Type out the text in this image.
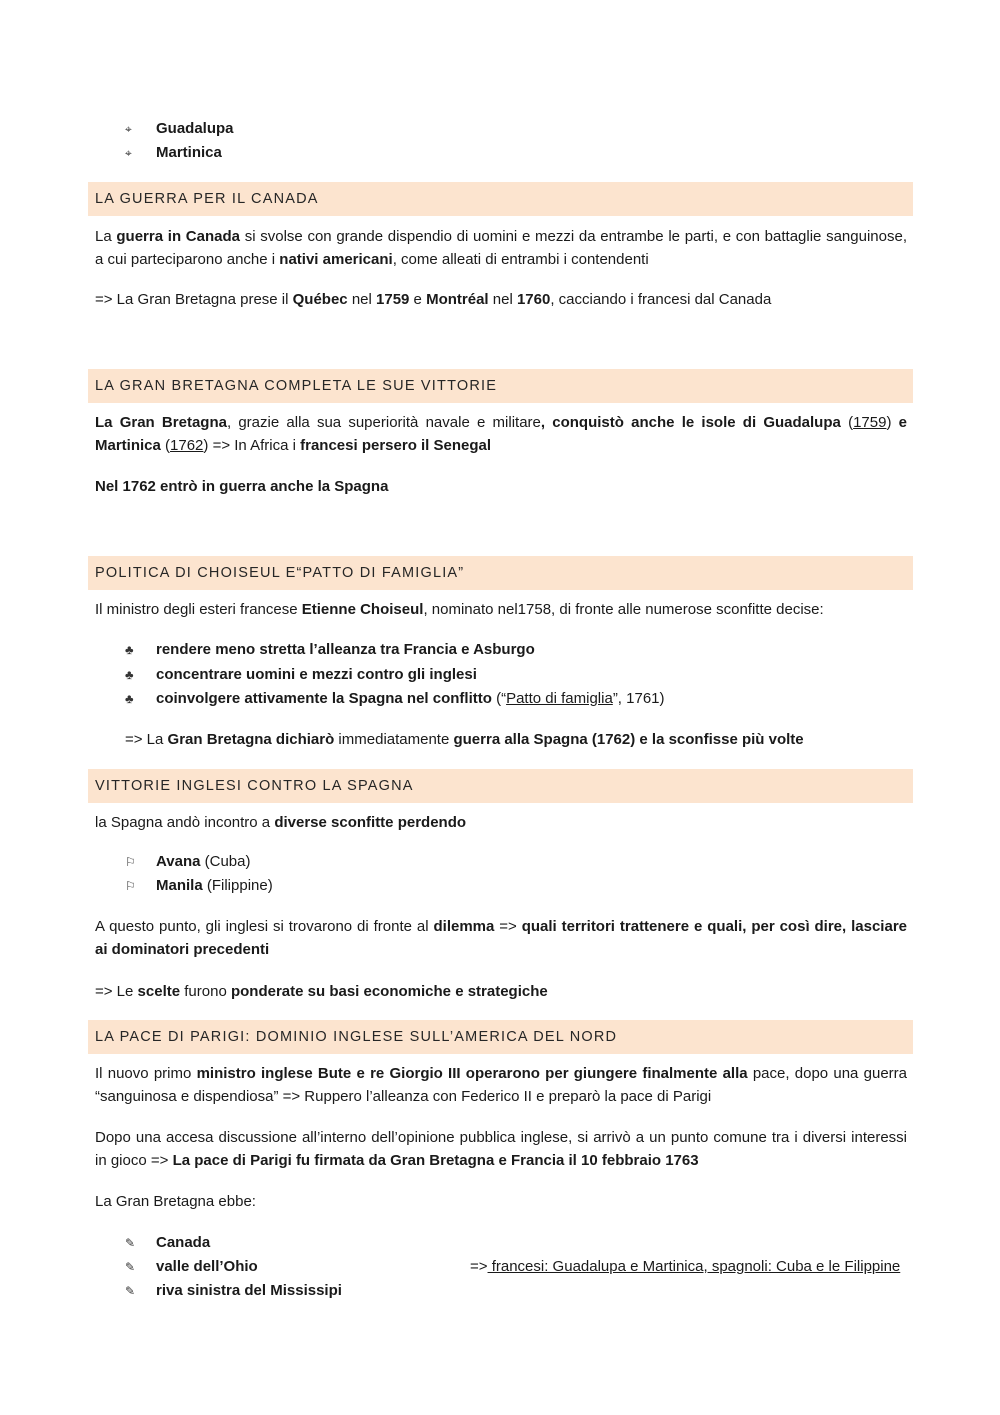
⌖ Guadalupa
⌖ Martinica
LA GUERRA PER IL CANADA
La guerra in Canada si svolse con grande dispendio di uomini e mezzi da entrambe le parti, e con battaglie sanguinose, a cui parteciparono anche i nativi americani, come alleati di entrambi i contendenti
=> La Gran Bretagna prese il Québec nel 1759 e Montréal nel 1760, cacciando i francesi dal Canada
LA GRAN BRETAGNA COMPLETA LE SUE VITTORIE
La Gran Bretagna, grazie alla sua superiorità navale e militare, conquistò anche le isole di Guadalupa (1759) e Martinica (1762) => In Africa i francesi persero il Senegal
Nel 1762 entrò in guerra anche la Spagna
POLITICA DI CHOISEUL E“PATTO DI FAMIGLIA”
Il ministro degli esteri francese Etienne Choiseul, nominato nel1758, di fronte alle numerose sconfitte decise:
♣ rendere meno stretta l’alleanza tra Francia e Asburgo
♣ concentrare uomini e mezzi contro gli inglesi
♣ coinvolgere attivamente la Spagna nel conflitto (“Patto di famiglia”, 1761)
=> La Gran Bretagna dichiarò immediatamente guerra alla Spagna (1762) e la sconfisse più volte
VITTORIE INGLESI CONTRO LA SPAGNA
la Spagna andò incontro a diverse sconfitte perdendo
⚐ Avana (Cuba)
⚐ Manila (Filippine)
A questo punto, gli inglesi si trovarono di fronte al dilemma => quali territori trattenere e quali, per così dire, lasciare ai dominatori precedenti
=> Le scelte furono ponderate su basi economiche e strategiche
LA PACE DI PARIGI: DOMINIO INGLESE SULL’AMERICA DEL NORD
Il nuovo primo ministro inglese Bute e re Giorgio III operarono per giungere finalmente alla pace, dopo una guerra “sanguinosa e dispendiosa” => Ruppero l’alleanza con Federico II e preparò la pace di Parigi
Dopo una accesa discussione all’interno dell’opinione pubblica inglese, si arrivò a un punto comune tra i diversi interessi in gioco => La pace di Parigi fu firmata da Gran Bretagna e Francia il 10 febbraio 1763
La Gran Bretagna ebbe:
✎ Canada
✎ valle dell’Ohio
✎ riva sinistra del Mississipi
=> francesi: Guadalupa e Martinica, spagnoli: Cuba e le Filippine
